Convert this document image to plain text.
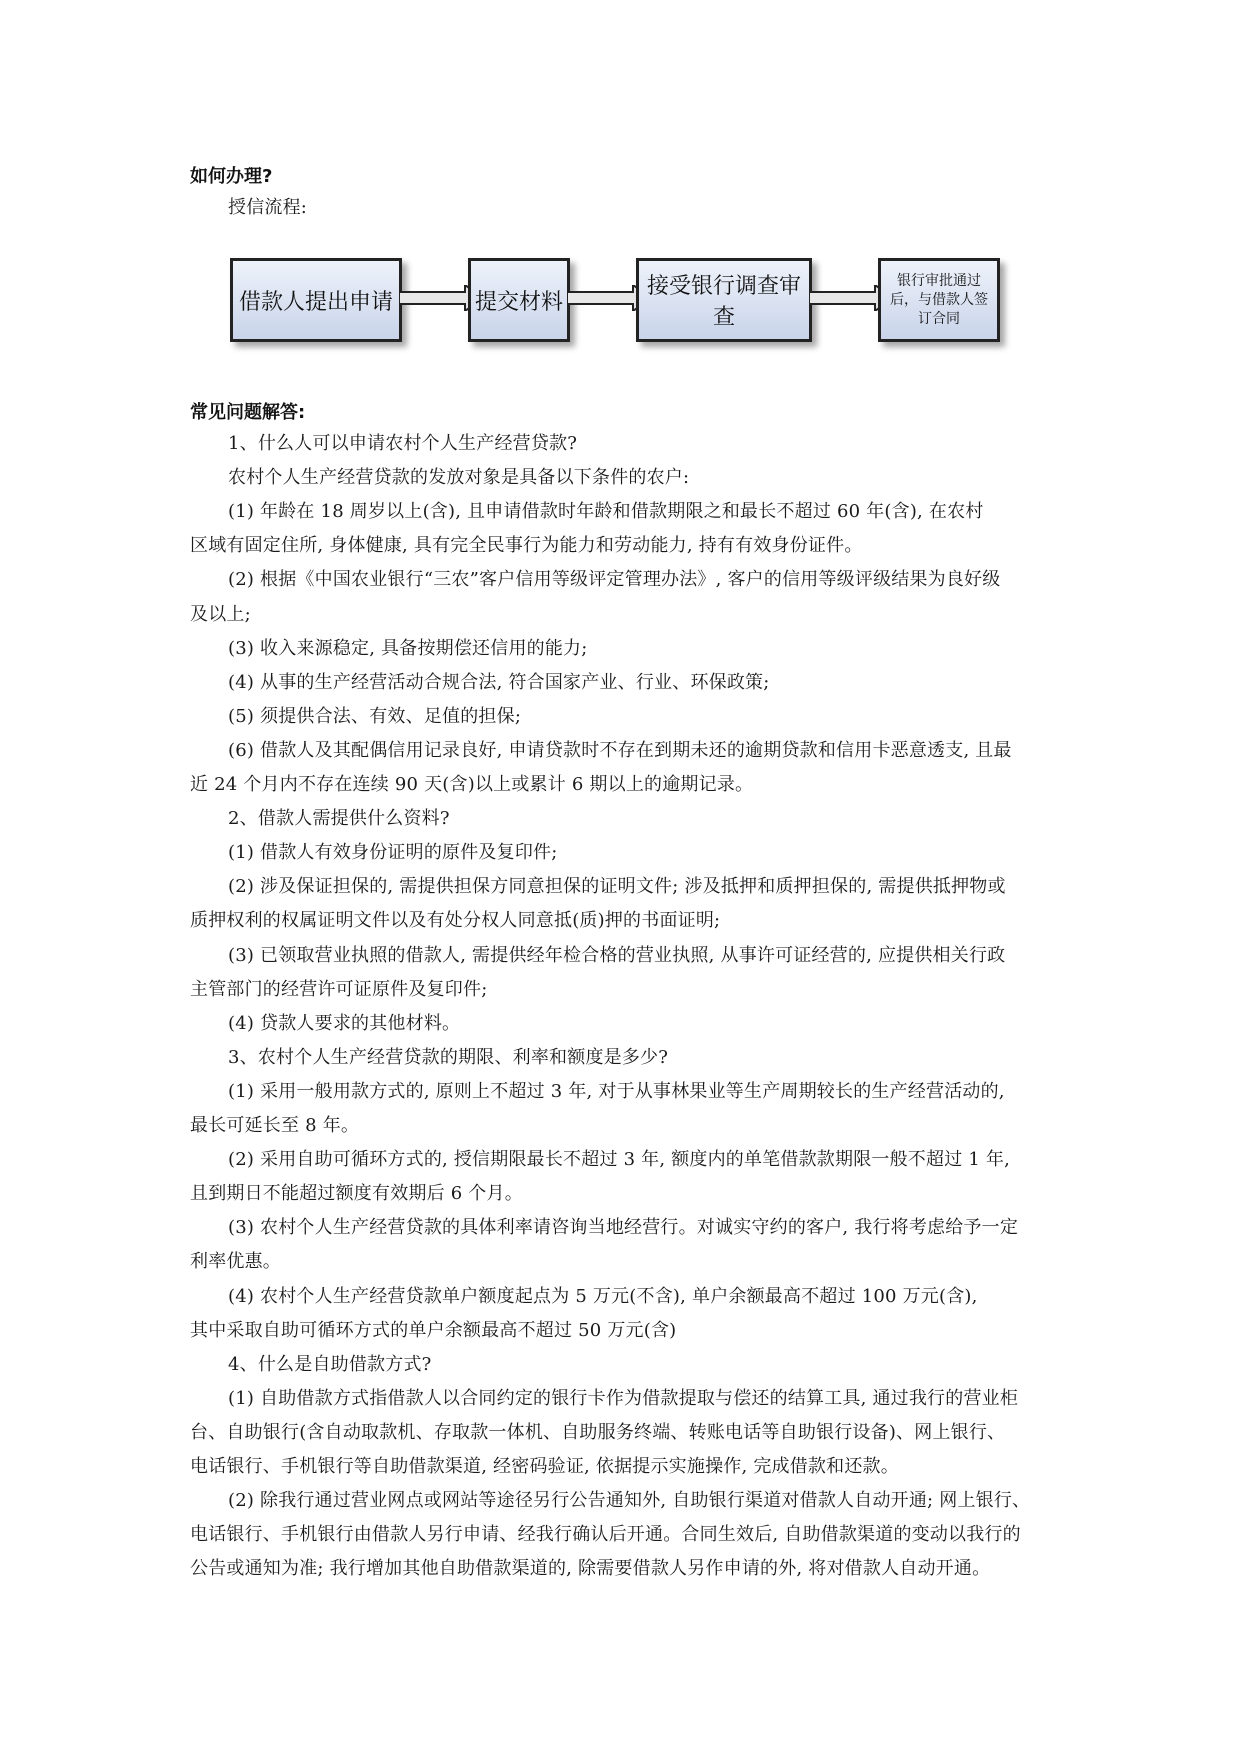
如何办理?
授信流程:
借款人提出申请	提交材料
接受银行调查审查
银行审批通过后，与借款人签订合同
常见问题解答:
1、什么人可以申请农村个人生产经营贷款?
农村个人生产经营贷款的发放对象是具备以下条件的农户:
(1) 年龄在 18 周岁以上(含), 且申请借款时年龄和借款期限之和最长不超过 60 年(含), 在农村
区域有固定住所, 身体健康, 具有完全民事行为能力和劳动能力, 持有有效身份证件。
(2) 根据《中国农业银行“三农”客户信用等级评定管理办法》, 客户的信用等级评级结果为良好级
及以上;
(3) 收入来源稳定, 具备按期偿还信用的能力;
(4) 从事的生产经营活动合规合法, 符合国家产业、行业、环保政策;
(5) 须提供合法、有效、足值的担保;
(6) 借款人及其配偶信用记录良好, 申请贷款时不存在到期未还的逾期贷款和信用卡恶意透支, 且最
近 24 个月内不存在连续 90 天(含)以上或累计 6 期以上的逾期记录。
2、借款人需提供什么资料?
(1) 借款人有效身份证明的原件及复印件;
(2) 涉及保证担保的, 需提供担保方同意担保的证明文件; 涉及抵押和质押担保的, 需提供抵押物或
质押权利的权属证明文件以及有处分权人同意抵(质)押的书面证明;
(3) 已领取营业执照的借款人, 需提供经年检合格的营业执照, 从事许可证经营的, 应提供相关行政
主管部门的经营许可证原件及复印件;
(4) 贷款人要求的其他材料。
3、农村个人生产经营贷款的期限、利率和额度是多少?
(1) 采用一般用款方式的, 原则上不超过 3 年, 对于从事林果业等生产周期较长的生产经营活动的,
最长可延长至 8 年。
(2) 采用自助可循环方式的, 授信期限最长不超过 3 年, 额度内的单笔借款款期限一般不超过 1 年,
且到期日不能超过额度有效期后 6 个月。
(3) 农村个人生产经营贷款的具体利率请咨询当地经营行。对诚实守约的客户, 我行将考虑给予一定
利率优惠。
(4) 农村个人生产经营贷款单户额度起点为 5 万元(不含), 单户余额最高不超过 100 万元(含),
其中采取自助可循环方式的单户余额最高不超过 50 万元(含)
4、什么是自助借款方式?
(1) 自助借款方式指借款人以合同约定的银行卡作为借款提取与偿还的结算工具, 通过我行的营业柜
台、自助银行(含自动取款机、存取款一体机、自助服务终端、转账电话等自助银行设备)、网上银行、
电话银行、手机银行等自助借款渠道, 经密码验证, 依据提示实施操作, 完成借款和还款。
(2) 除我行通过营业网点或网站等途径另行公告通知外, 自助银行渠道对借款人自动开通; 网上银行、
电话银行、手机银行由借款人另行申请、经我行确认后开通。合同生效后, 自助借款渠道的变动以我行的
公告或通知为准; 我行增加其他自助借款渠道的, 除需要借款人另作申请的外, 将对借款人自动开通。
